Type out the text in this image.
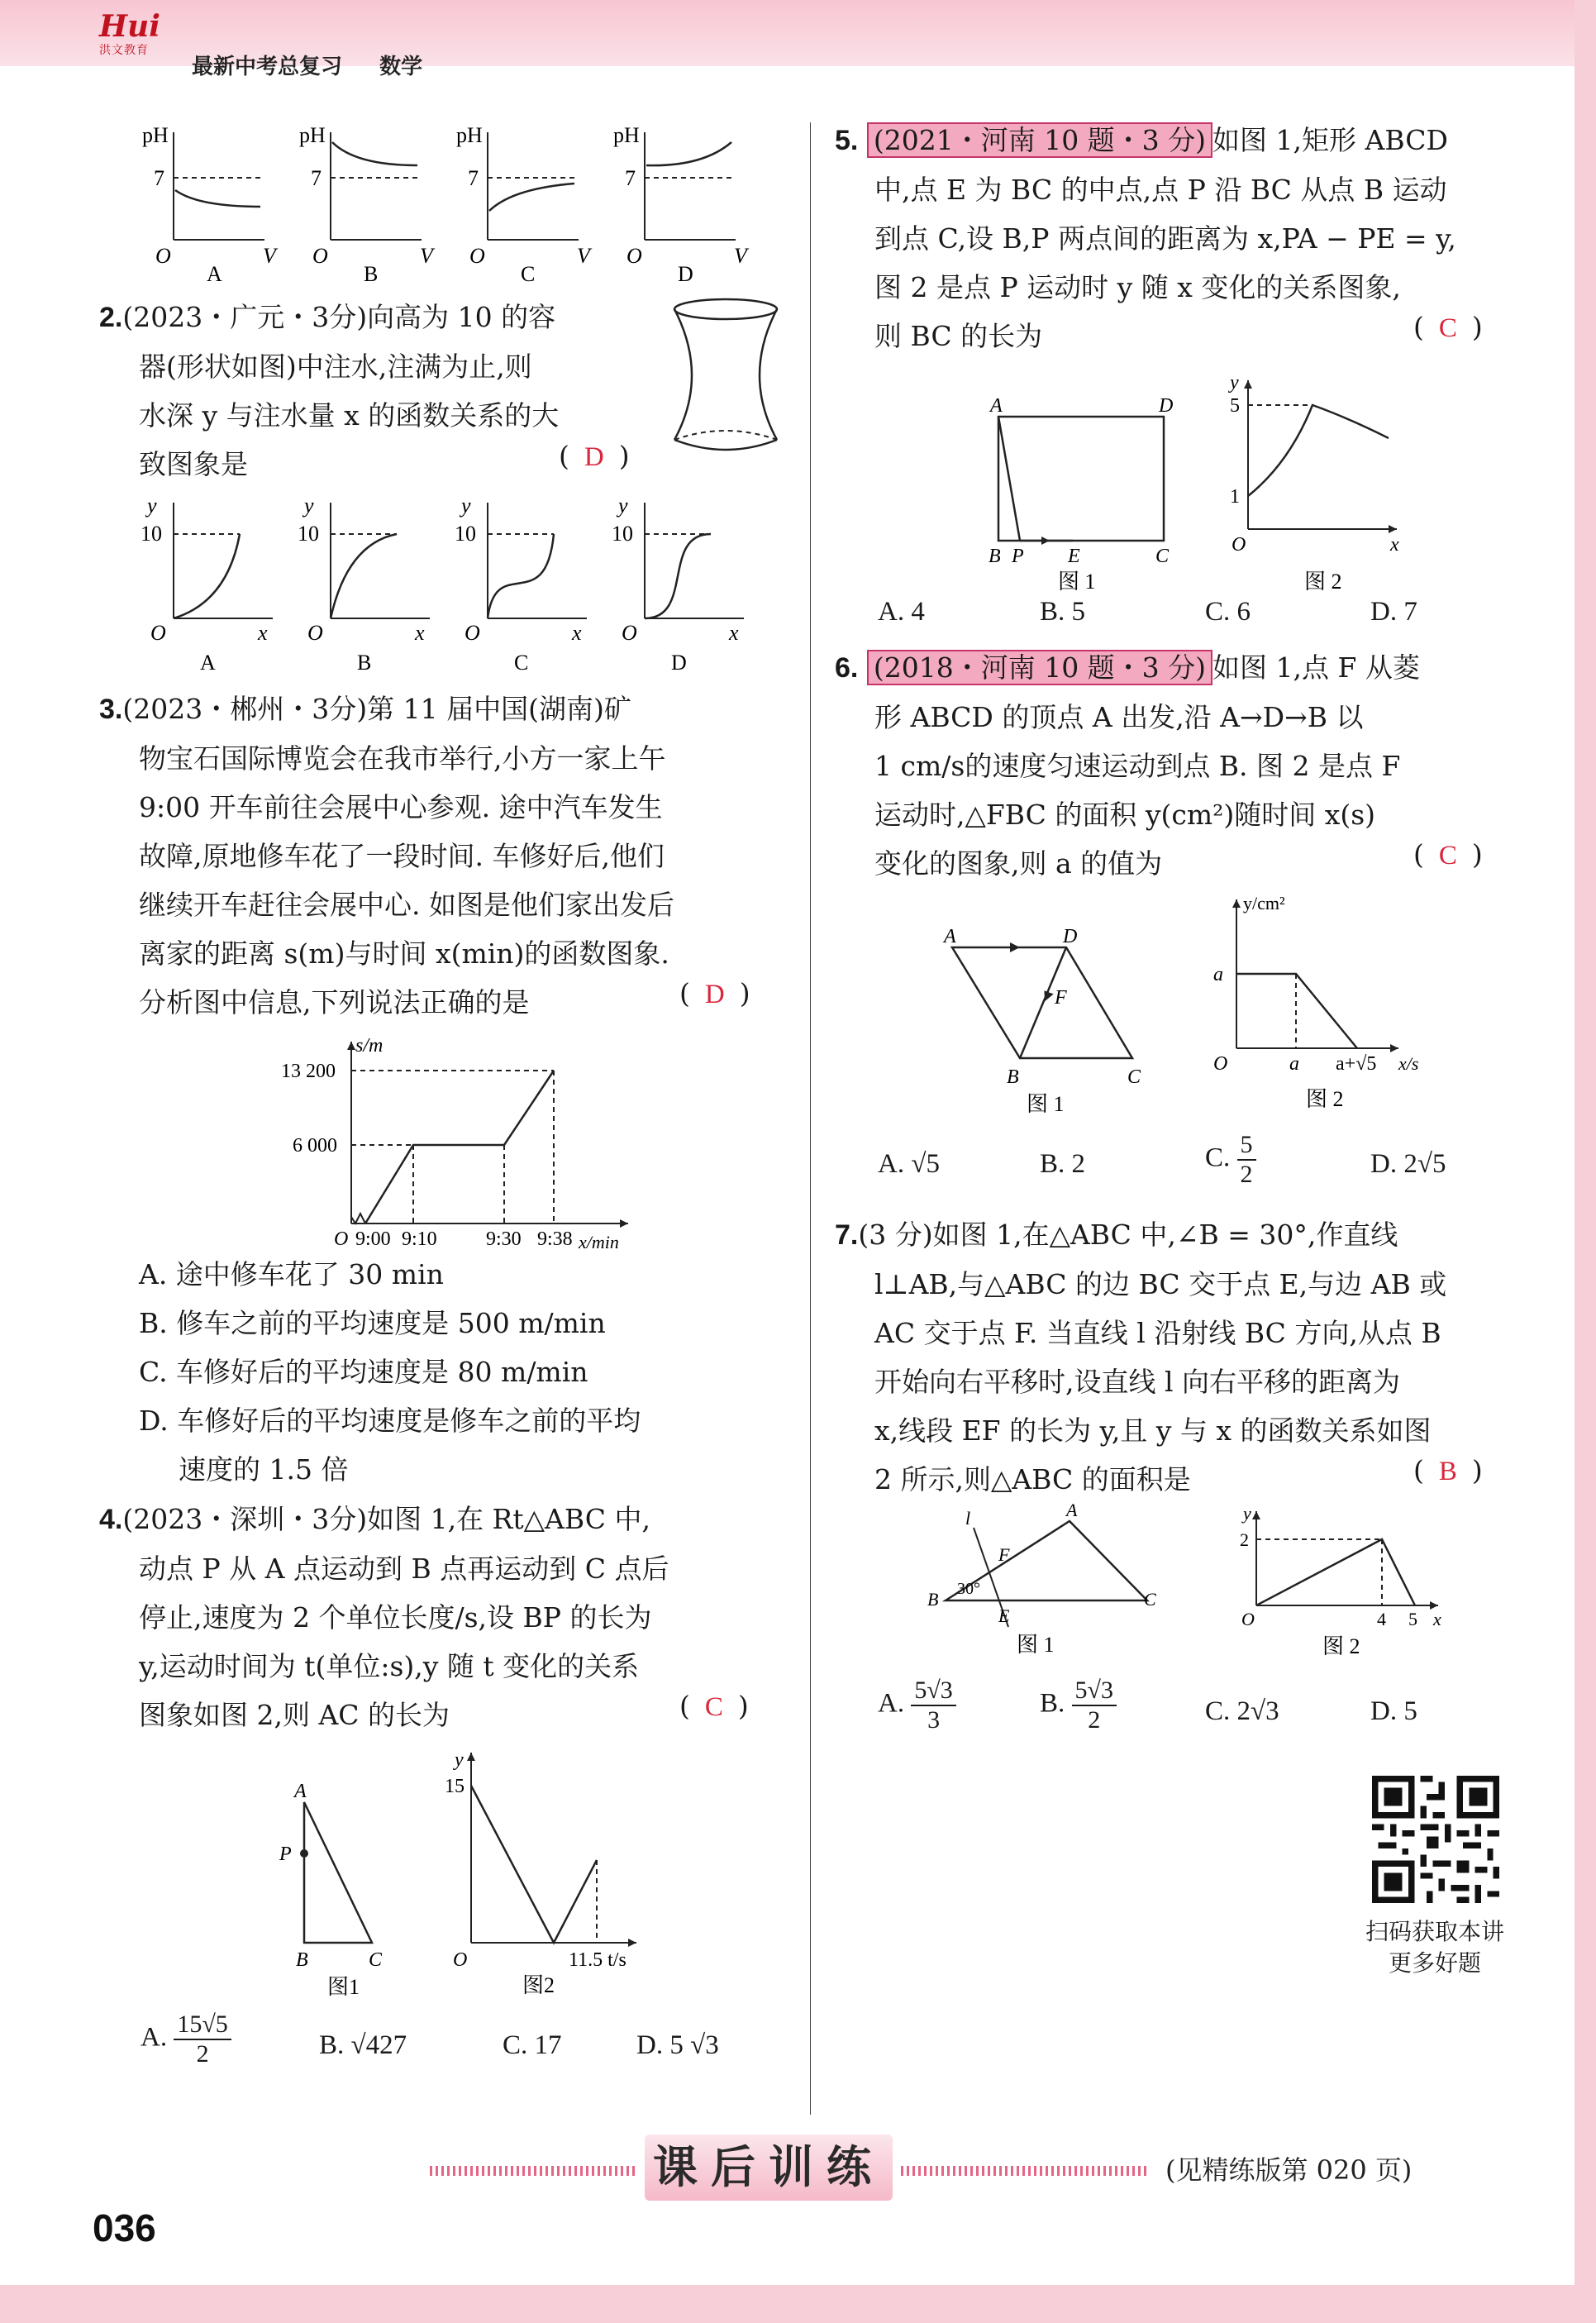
Hui
洪文教育
最新中考总复习 数学
pH
7
O	V
A
pH
7
O	V
B
pH
7
O	V
C
pH
7
O	V
D
2.(2023・广元・3分)向高为 10 的容
器(形状如图)中注水,注满为止,则
水深 y 与注水量 x 的函数关系的大
致图象是	( D )
y
10
O	x
A
y
10
O	x
B
y
10
O	x
C
y
10
O	x
D
3.(2023・郴州・3分)第 11 届中国(湖南)矿
物宝石国际博览会在我市举行,小方一家上午
9:00 开车前往会展中心参观. 途中汽车发生
故障,原地修车花了一段时间. 车修好后,他们
继续开车赶往会展中心. 如图是他们家出发后
离家的距离 s(m)与时间 x(min)的函数图象.
分析图中信息,下列说法正确的是	( D )
s/m
13 200
6 000
O 9:00 9:10 9:30 9:38 x/min
A. 途中修车花了 30 min
B. 修车之前的平均速度是 500 m/min
C. 车修好后的平均速度是 80 m/min
D. 车修好后的平均速度是修车之前的平均
速度的 1.5 倍
4.(2023・深圳・3分)如图 1,在 Rt△ABC 中,
动点 P 从 A 点运动到 B 点再运动到 C 点后
停止,速度为 2 个单位长度/s,设 BP 的长为
y,运动时间为 t(单位:s),y 随 t 变化的关系
图象如图 2,则 AC 的长为	( C )
A
P
B	C
图1
y
15
O	11.5 t/s
图2
A. $\frac{15√5}{2}$	B. √427	C. 17	D. 5 √3
5. (2021・河南 10 题・3 分) 如图 1,矩形 ABCD
中,点 E 为 BC 的中点,点 P 沿 BC 从点 B 运动
到点 C,设 B,P 两点间的距离为 x,PA − PE = y,
图 2 是点 P 运动时 y 随 x 变化的关系图象,
则 BC 的长为	( C )
A	D
B P E	C
图 1
y
5
1
O	x
图 2
A. 4	B. 5	C. 6	D. 7
6. (2018・河南 10 题・3 分) 如图 1,点 F 从菱
形 ABCD 的顶点 A 出发,沿 A→D→B 以
1 cm/s的速度匀速运动到点 B. 图 2 是点 F
运动时,△FBC 的面积 y(cm²)随时间 x(s)
变化的图象,则 a 的值为	( C )
A	D
F
B	C
图 1
y/cm²
a
O	a a+√5 x/s
图 2
A. √5	B. 2	C. $\frac{5}{2}$	D. 2√5
7.(3 分)如图 1,在△ABC 中,∠B = 30°,作直线
l⊥AB,与△ABC 的边 BC 交于点 E,与边 AB 或
AC 交于点 F. 当直线 l 沿射线 BC 方向,从点 B
开始向右平移时,设直线 l 向右平移的距离为
x,线段 EF 的长为 y,且 y 与 x 的函数关系如图
2 所示,则△ABC 的面积是	( B )
l	A
F
B 30°
E
C
图 1
y
2
O	4 5 x
图 2
A. $\frac{5√3}{3}$	B. $\frac{5√3}{2}$	C. 2√3	D. 5
扫码获取本讲
更多好题
课后训练	(见精练版第 020 页)
036
